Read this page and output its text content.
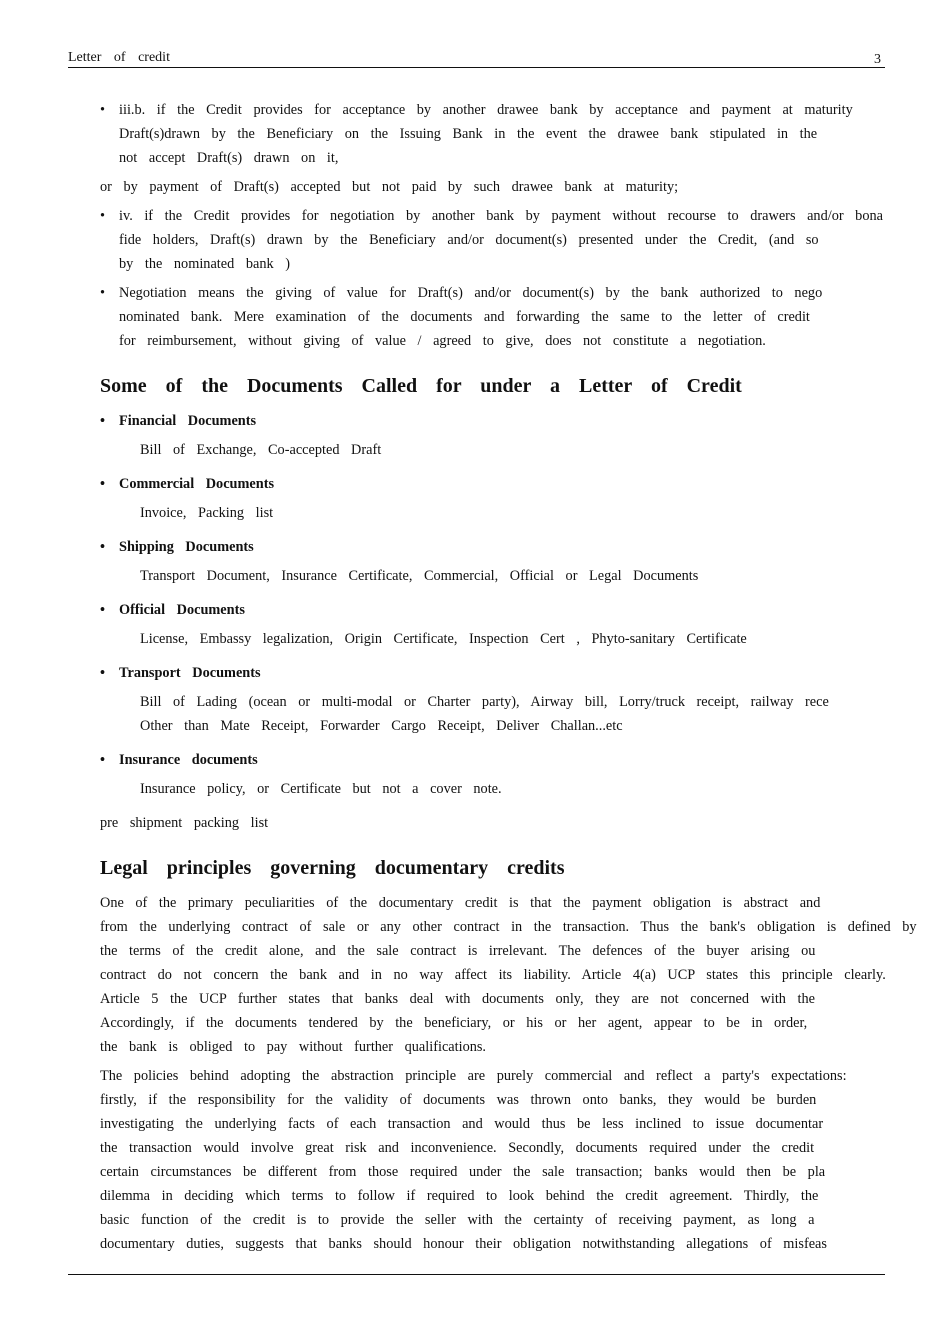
Letter of credit	3
• iii.b. if the Credit provides for acceptance by another drawee bank by acceptance and payment at maturity
Draft(s)drawn by the Beneficiary on the Issuing Bank in the event the drawee bank stipulated in the
not accept Draft(s) drawn on it,

or by payment of Draft(s) accepted but not paid by such drawee bank at maturity;

• iv. if the Credit provides for negotiation by another bank by payment without recourse to drawers and/or bona
fide holders, Draft(s) drawn by the Beneficiary and/or document(s) presented under the Credit, (and so
by the nominated bank )
• Negotiation means the giving of value for Draft(s) and/or document(s) by the bank authorized to nego
nominated bank. Mere examination of the documents and forwarding the same to the letter of credit
for reimbursement, without giving of value / agreed to give, does not constitute a negotiation.
Some of the Documents Called for under a Letter of Credit
• Financial Documents
Bill of Exchange, Co-accepted Draft
• Commercial Documents
Invoice, Packing list
• Shipping Documents
Transport Document, Insurance Certificate, Commercial, Official or Legal Documents
• Official Documents
License, Embassy legalization, Origin Certificate, Inspection Cert , Phyto-sanitary Certificate
• Transport Documents
Bill of Lading (ocean or multi-modal or Charter party), Airway bill, Lorry/truck receipt, railway rece
Other than Mate Receipt, Forwarder Cargo Receipt, Deliver Challan...etc
• Insurance documents
Insurance policy, or Certificate but not a cover note.

pre shipment packing list

Legal principles governing documentary credits

One of the primary peculiarities of the documentary credit is that the payment obligation is abstract and
from the underlying contract of sale or any other contract in the transaction. Thus the bank's obligation is defined by
the terms of the credit alone, and the sale contract is irrelevant. The defences of the buyer arising ou
contract do not concern the bank and in no way affect its liability. Article 4(a) UCP states this principle clearly.
Article 5 the UCP further states that banks deal with documents only, they are not concerned with the
Accordingly, if the documents tendered by the beneficiary, or his or her agent, appear to be in order,
the bank is obliged to pay without further qualifications.

The policies behind adopting the abstraction principle are purely commercial and reflect a party's expectations:
firstly, if the responsibility for the validity of documents was thrown onto banks, they would be burden
investigating the underlying facts of each transaction and would thus be less inclined to issue documentar
the transaction would involve great risk and inconvenience. Secondly, documents required under the credit
certain circumstances be different from those required under the sale transaction; banks would then be pla
dilemma in deciding which terms to follow if required to look behind the credit agreement. Thirdly, the
basic function of the credit is to provide the seller with the certainty of receiving payment, as long a
documentary duties, suggests that banks should honour their obligation notwithstanding allegations of misfeas
